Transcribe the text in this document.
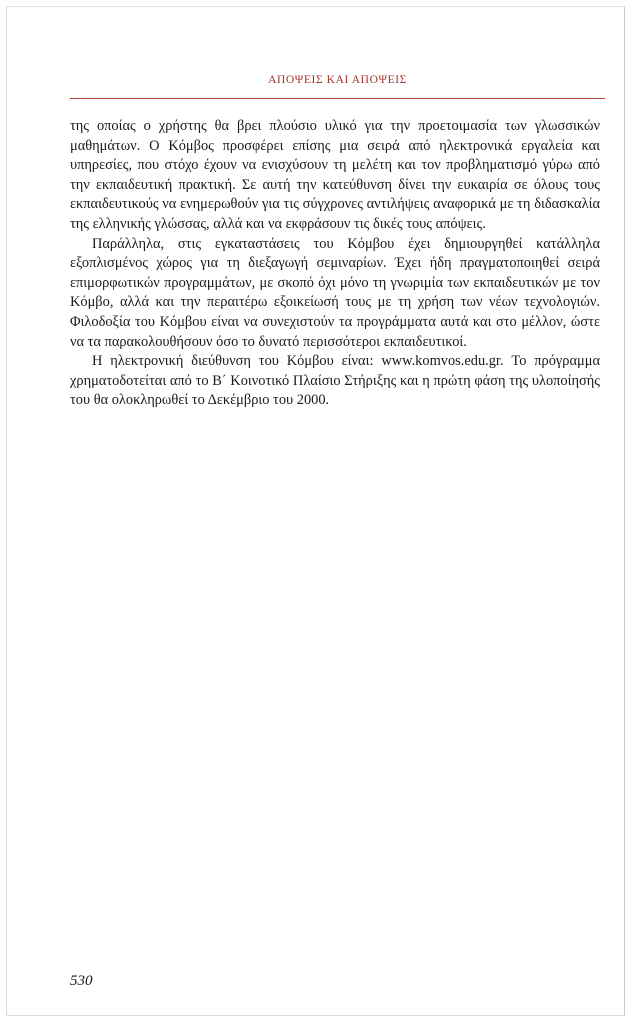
ΑΠΟΨΕΙΣ ΚΑΙ ΑΠΟΨΕΙΣ

της οποίας ο χρήστης θα βρει πλούσιο υλικό για την προετοιμασία των γλωσσικών μαθημάτων. Ο Κόμβος προσφέρει επίσης μια σειρά από ηλεκτρονικά εργαλεία και υπηρεσίες, που στόχο έχουν να ενισχύσουν τη μελέτη και τον προβληματισμό γύρω από την εκπαιδευτική πρακτική. Σε αυτή την κατεύθυνση δίνει την ευκαιρία σε όλους τους εκπαιδευτικούς να ενημερωθούν για τις σύγχρονες αντιλήψεις αναφορικά με τη διδασκαλία της ελληνικής γλώσσας, αλλά και να εκφράσουν τις δικές τους απόψεις.

Παράλληλα, στις εγκαταστάσεις του Κόμβου έχει δημιουργηθεί κατάλληλα εξοπλισμένος χώρος για τη διεξαγωγή σεμιναρίων. Έχει ήδη πραγματοποιηθεί σειρά επιμορφωτικών προγραμμάτων, με σκοπό όχι μόνο τη γνωριμία των εκπαιδευτικών με τον Κόμβο, αλλά και την περαιτέρω εξοικείωσή τους με τη χρήση των νέων τεχνολογιών. Φιλοδοξία του Κόμβου είναι να συνεχιστούν τα προγράμματα αυτά και στο μέλλον, ώστε να τα παρακολουθήσουν όσο το δυνατό περισσότεροι εκπαιδευτικοί.

Η ηλεκτρονική διεύθυνση του Κόμβου είναι: www.komvos.edu.gr. Το πρόγραμμα χρηματοδοτείται από το Β΄ Κοινοτικό Πλαίσιο Στήριξης και η πρώτη φάση της υλοποίησής του θα ολοκληρωθεί το Δεκέμβριο του 2000.

530
